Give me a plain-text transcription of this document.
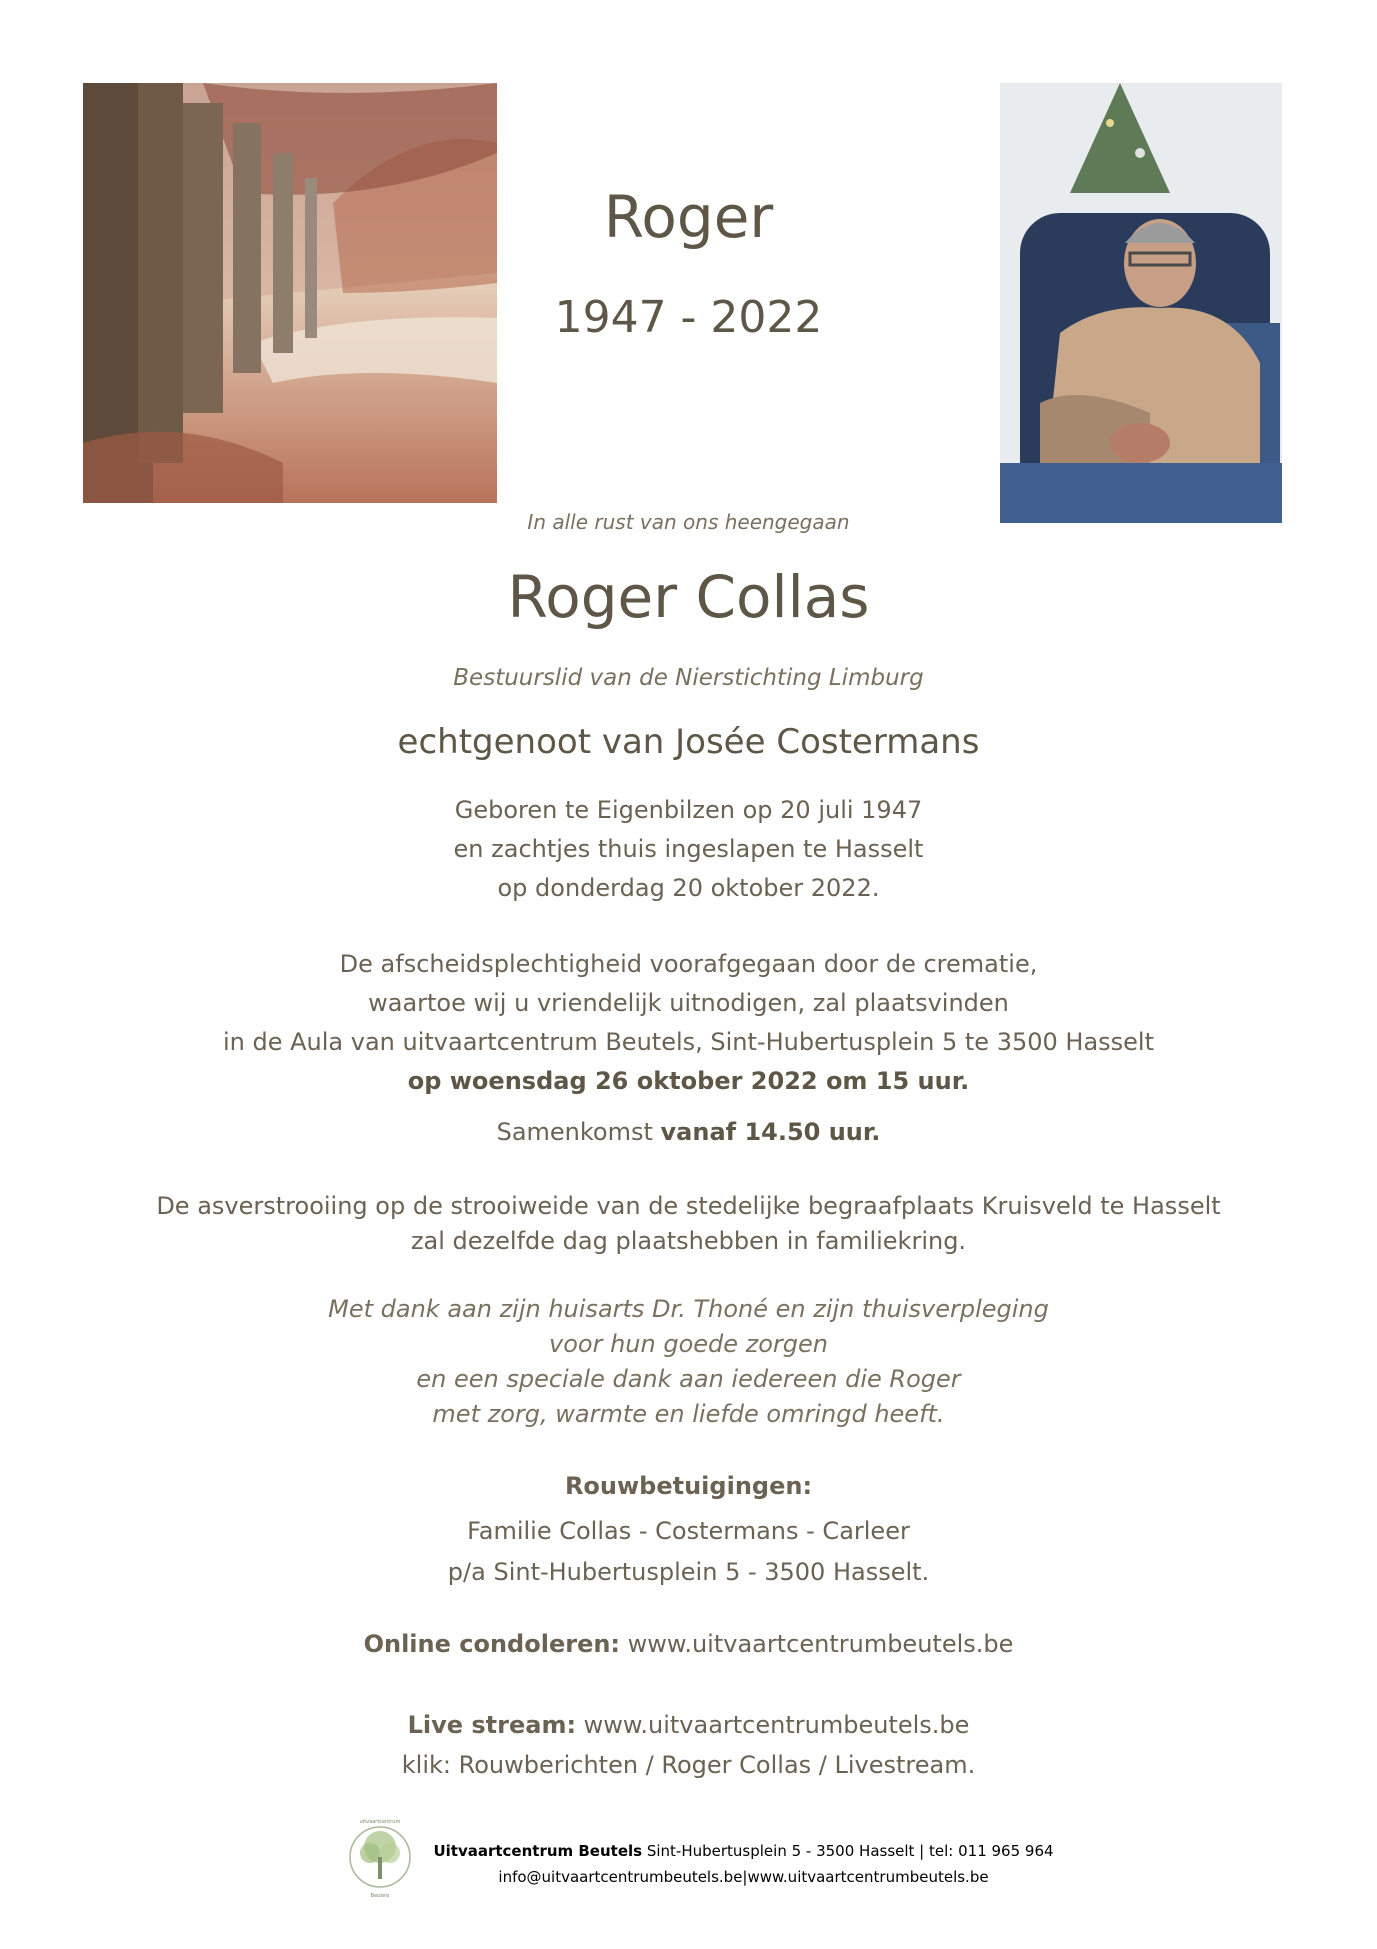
Roger
1947 - 2022
In alle rust van ons heengegaan
Roger Collas
Bestuurslid van de Nierstichting Limburg
echtgenoot van Josée Costermans
Geboren te Eigenbilzen op 20 juli 1947
en zachtjes thuis ingeslapen te Hasselt
op donderdag 20 oktober 2022.
De afscheidsplechtigheid voorafgegaan door de crematie,
waartoe wij u vriendelijk uitnodigen, zal plaatsvinden
in de Aula van uitvaartcentrum Beutels, Sint-Hubertusplein 5 te 3500 Hasselt
op woensdag 26 oktober 2022 om 15 uur.
Samenkomst vanaf 14.50 uur.
De asverstrooiing op de strooiweide van de stedelijke begraafplaats Kruisveld te Hasselt
zal dezelfde dag plaatshebben in familiekring.
Met dank aan zijn huisarts Dr. Thoné en zijn thuisverpleging
voor hun goede zorgen
en een speciale dank aan iedereen die Roger
met zorg, warmte en liefde omringd heeft.
Rouwbetuigingen:
Familie Collas - Costermans - Carleer
p/a Sint-Hubertusplein 5 - 3500 Hasselt.
Online condoleren: www.uitvaartcentrumbeutels.be
Live stream: www.uitvaartcentrumbeutels.be
klik: Rouwberichten / Roger Collas / Livestream.
uitvaartcentrum
Beutels
Uitvaartcentrum Beutels Sint-Hubertusplein 5 - 3500 Hasselt | tel: 011 965 964
info@uitvaartcentrumbeutels.be|www.uitvaartcentrumbeutels.be
